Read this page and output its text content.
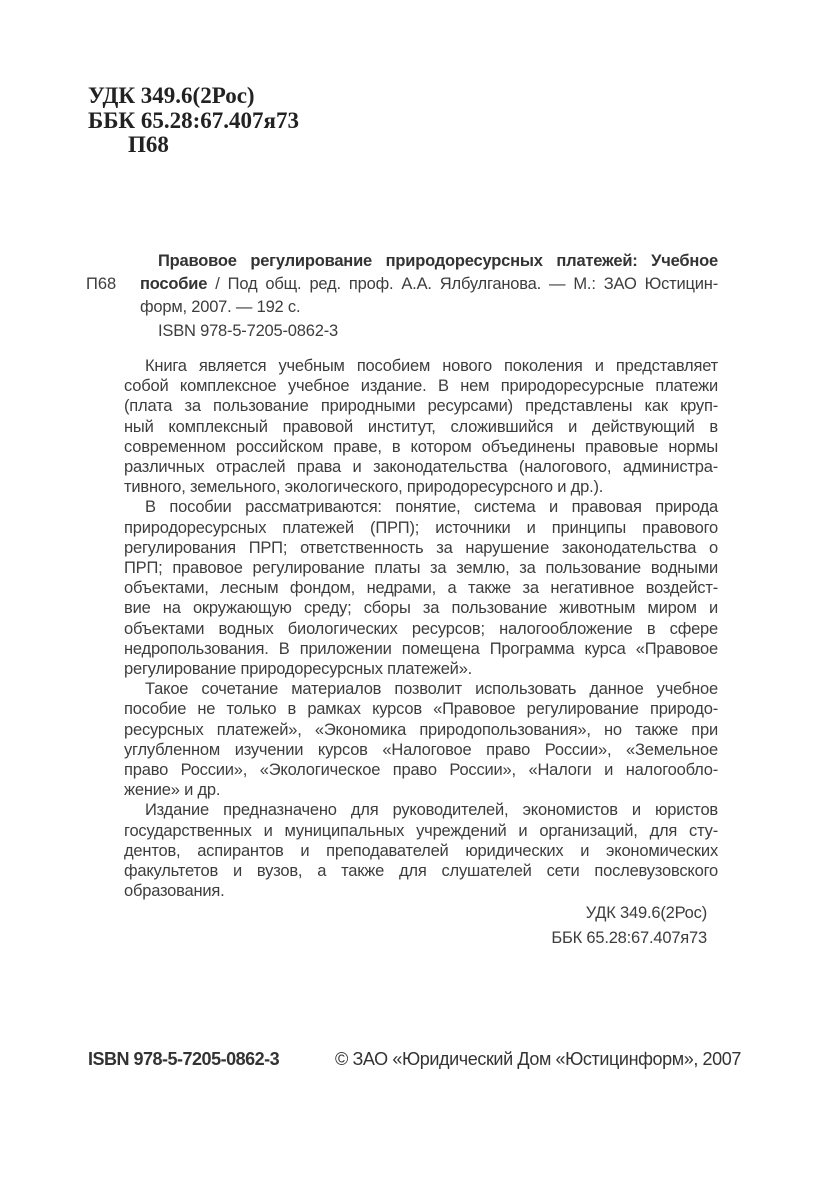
УДК 349.6(2Рос)
ББК 65.28:67.407я73
П68
П68
Правовое регулирование природоресурсных платежей: Учебное
пособие / Под общ. ред. проф. А.А. Ялбулганова. — М.: ЗАО Юстицин-
форм, 2007. — 192 с.
ISBN 978-5-7205-0862-3
Книга является учебным пособием нового поколения и представляет
собой комплексное учебное издание. В нем природоресурсные платежи
(плата за пользование природными ресурсами) представлены как круп-
ный комплексный правовой институт, сложившийся и действующий в
современном российском праве, в котором объединены правовые нормы
различных отраслей права и законодательства (налогового, администра-
тивного, земельного, экологического, природоресурсного и др.).
В пособии рассматриваются: понятие, система и правовая природа
природоресурсных платежей (ПРП); источники и принципы правового
регулирования ПРП; ответственность за нарушение законодательства о
ПРП; правовое регулирование платы за землю, за пользование водными
объектами, лесным фондом, недрами, а также за негативное воздейст-
вие на окружающую среду; сборы за пользование животным миром и
объектами водных биологических ресурсов; налогообложение в сфере
недропользования. В приложении помещена Программа курса «Правовое
регулирование природоресурсных платежей».
Такое сочетание материалов позволит использовать данное учебное
пособие не только в рамках курсов «Правовое регулирование природо-
ресурсных платежей», «Экономика природопользования», но также при
углубленном изучении курсов «Налоговое право России», «Земельное
право России», «Экологическое право России», «Налоги и налогообло-
жение» и др.
Издание предназначено для руководителей, экономистов и юристов
государственных и муниципальных учреждений и организаций, для сту-
дентов, аспирантов и преподавателей юридических и экономических
факультетов и вузов, а также для слушателей сети послевузовского
образования.
УДК 349.6(2Рос)
ББК 65.28:67.407я73
ISBN 978-5-7205-0862-3	© ЗАО «Юридический Дом «Юстицинформ», 2007
